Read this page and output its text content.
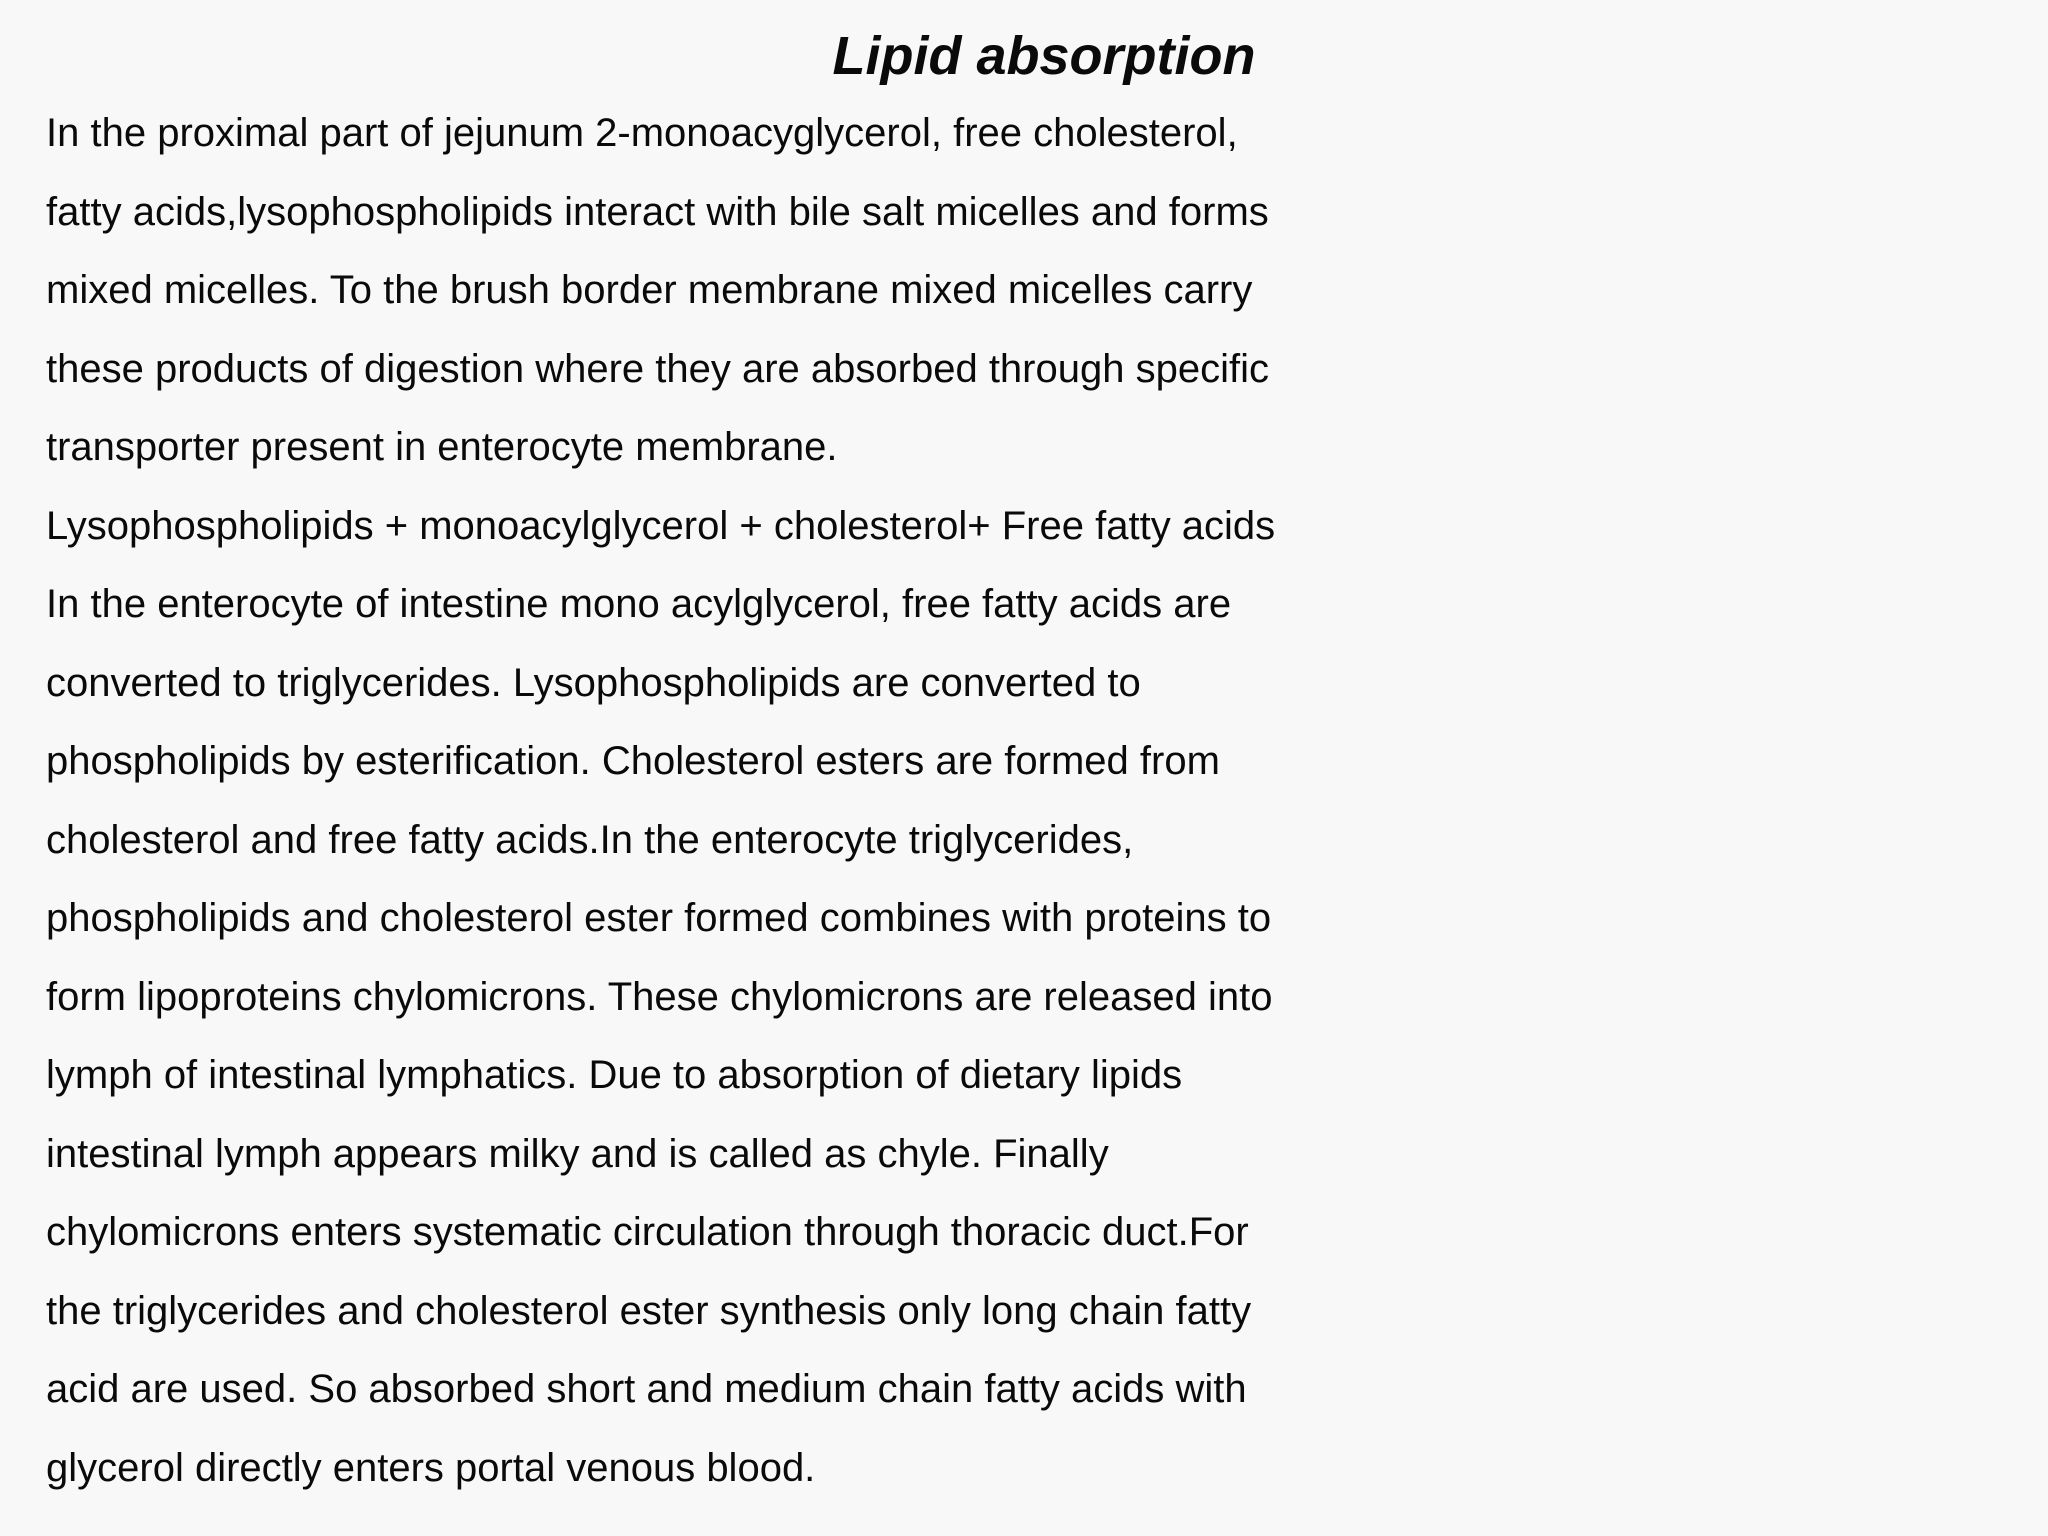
Lipid absorption
In the proximal part of jejunum 2-monoacyglycerol, free cholesterol,
fatty acids,lysophospholipids interact with bile salt micelles and forms
mixed micelles. To the brush border membrane mixed micelles carry
these products of digestion where they are absorbed through specific
transporter present in enterocyte membrane.
Lysophospholipids + monoacylglycerol + cholesterol+ Free fatty acids
In the enterocyte of intestine mono acylglycerol, free fatty acids are
converted to triglycerides. Lysophospholipids are converted to
phospholipids by esterification. Cholesterol esters are formed from
cholesterol and free fatty acids.In the enterocyte triglycerides,
phospholipids and cholesterol ester formed combines with proteins to
form lipoproteins chylomicrons. These chylomicrons are released into
lymph of intestinal lymphatics. Due to absorption of dietary lipids
intestinal lymph appears milky and is called as chyle. Finally
chylomicrons enters systematic circulation through thoracic duct.For
the triglycerides and cholesterol ester synthesis only long chain fatty
acid are used. So absorbed short and medium chain fatty acids with
glycerol directly enters portal venous blood.
